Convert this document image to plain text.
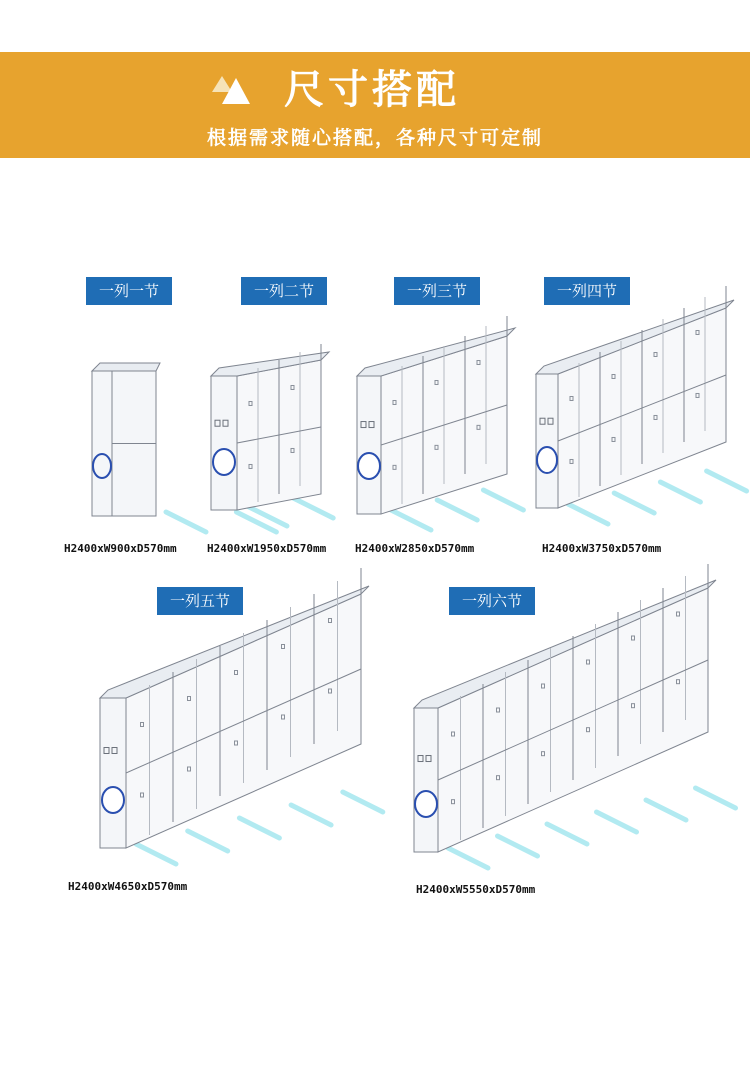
尺寸搭配
根据需求随心搭配，各种尺寸可定制
一列一节	一列二节	一列三节	一列四节
一列五节	一列六节
H2400xW900xD570mm	H2400xW1950xD570mm	H2400xW2850xD570mm	H2400xW3750xD570mm
H2400xW4650xD570mm	H2400xW5550xD570mm
